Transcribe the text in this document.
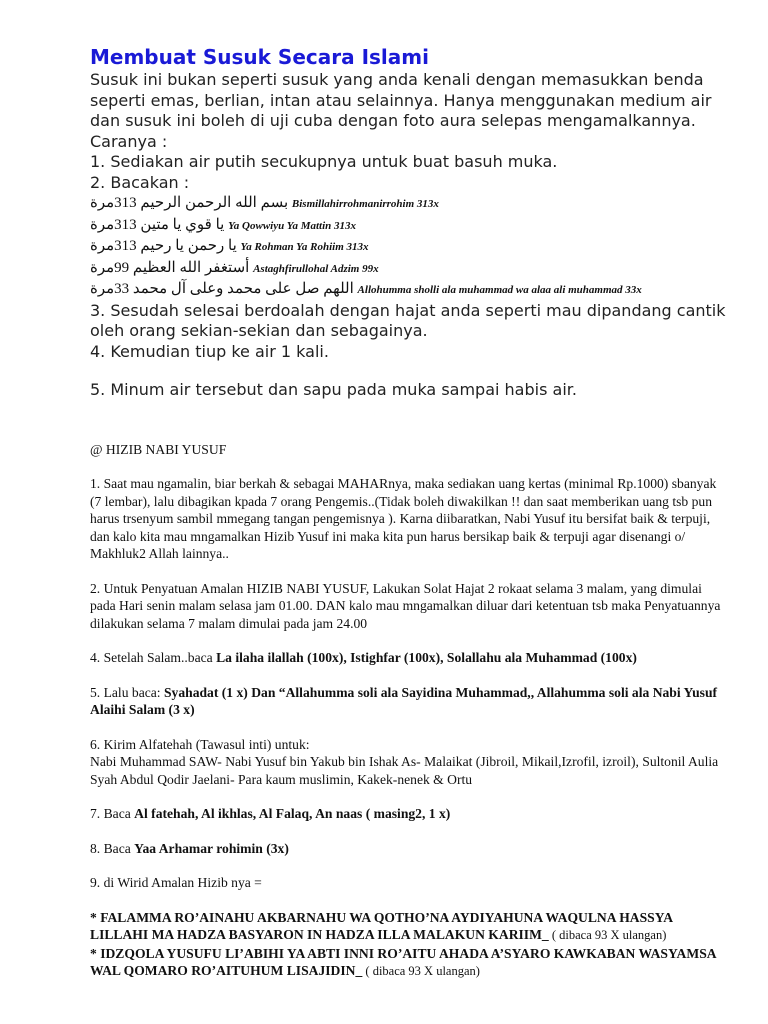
Membuat Susuk Secara Islami

Susuk ini bukan seperti susuk yang anda kenali dengan memasukkan benda seperti emas, berlian, intan atau selainnya. Hanya menggunakan medium air dan susuk ini boleh di uji cuba dengan foto aura selepas mengamalkannya.

Caranya :

1. Sediakan air putih secukupnya untuk buat basuh muka.

2. Bacakan :

بسم الله الرحمن الرحيم 313مرة Bismillahirrohmanirrohim 313x

يا قوي يا متين 313مرة Ya Qowwiyu Ya Mattin 313x

يا رحمن يا رحيم 313مرة Ya Rohman Ya Rohiim 313x

أستغفر الله العظيم 99مرة Astaghfirullohal Adzim 99x

اللهم صل على محمد وعلى آل محمد 33مرة Allohumma sholli ala muhammad wa alaa ali muhammad 33x

3. Sesudah selesai berdoalah dengan hajat anda seperti mau dipandang cantik oleh orang sekian-sekian dan sebagainya.

4. Kemudian tiup ke air 1 kali.

5. Minum air tersebut dan sapu pada muka sampai habis air.

@ HIZIB NABI YUSUF

1. Saat mau ngamalin, biar berkah & sebagai MAHARnya, maka sediakan uang kertas (minimal Rp.1000) sbanyak (7 lembar), lalu dibagikan kpada 7 orang Pengemis..(Tidak boleh diwakilkan !! dan saat memberikan uang tsb pun harus trsenyum sambil mmegang tangan pengemisnya ). Karna diibaratkan, Nabi Yusuf itu bersifat baik & terpuji, dan kalo kita mau mngamalkan Hizib Yusuf ini maka kita pun harus bersikap baik & terpuji agar disenangi o/ Makhluk2 Allah lainnya..

2. Untuk Penyatuan Amalan HIZIB NABI YUSUF, Lakukan Solat Hajat 2 rokaat selama 3 malam, yang dimulai pada Hari senin malam selasa jam 01.00. DAN kalo mau mngamalkan diluar dari ketentuan tsb maka Penyatuannya dilakukan selama 7 malam dimulai pada jam 24.00

4. Setelah Salam..baca La ilaha ilallah (100x), Istighfar (100x), Solallahu ala Muhammad (100x)

5. Lalu baca: Syahadat (1 x) Dan “Allahumma soli ala Sayidina Muhammad,, Allahumma soli ala Nabi Yusuf Alaihi Salam (3 x)

6. Kirim Alfatehah (Tawasul inti) untuk:
Nabi Muhammad SAW- Nabi Yusuf bin Yakub bin Ishak As- Malaikat (Jibroil, Mikail,Izrofil, izroil), Sultonil Aulia Syah Abdul Qodir Jaelani- Para kaum muslimin, Kakek-nenek & Ortu

7. Baca Al fatehah, Al ikhlas, Al Falaq, An naas ( masing2, 1 x)

8. Baca Yaa Arhamar rohimin (3x)

9. di Wirid Amalan Hizib nya =

* FALAMMA RO’AINAHU AKBARNAHU WA QOTHO’NA AYDIYAHUNA WAQULNA HASSYA LILLAHI MA HADZA BASYARON IN HADZA ILLA MALAKUN KARIIM_ ( dibaca 93 X ulangan)

* IDZQOLA YUSUFU LI’ABIHI YA ABTI INNI RO’AITU AHADA A’SYARO KAWKABAN WASYAMSA WAL QOMARO RO’AITUHUM LISAJIDIN_ ( dibaca 93 X ulangan)
